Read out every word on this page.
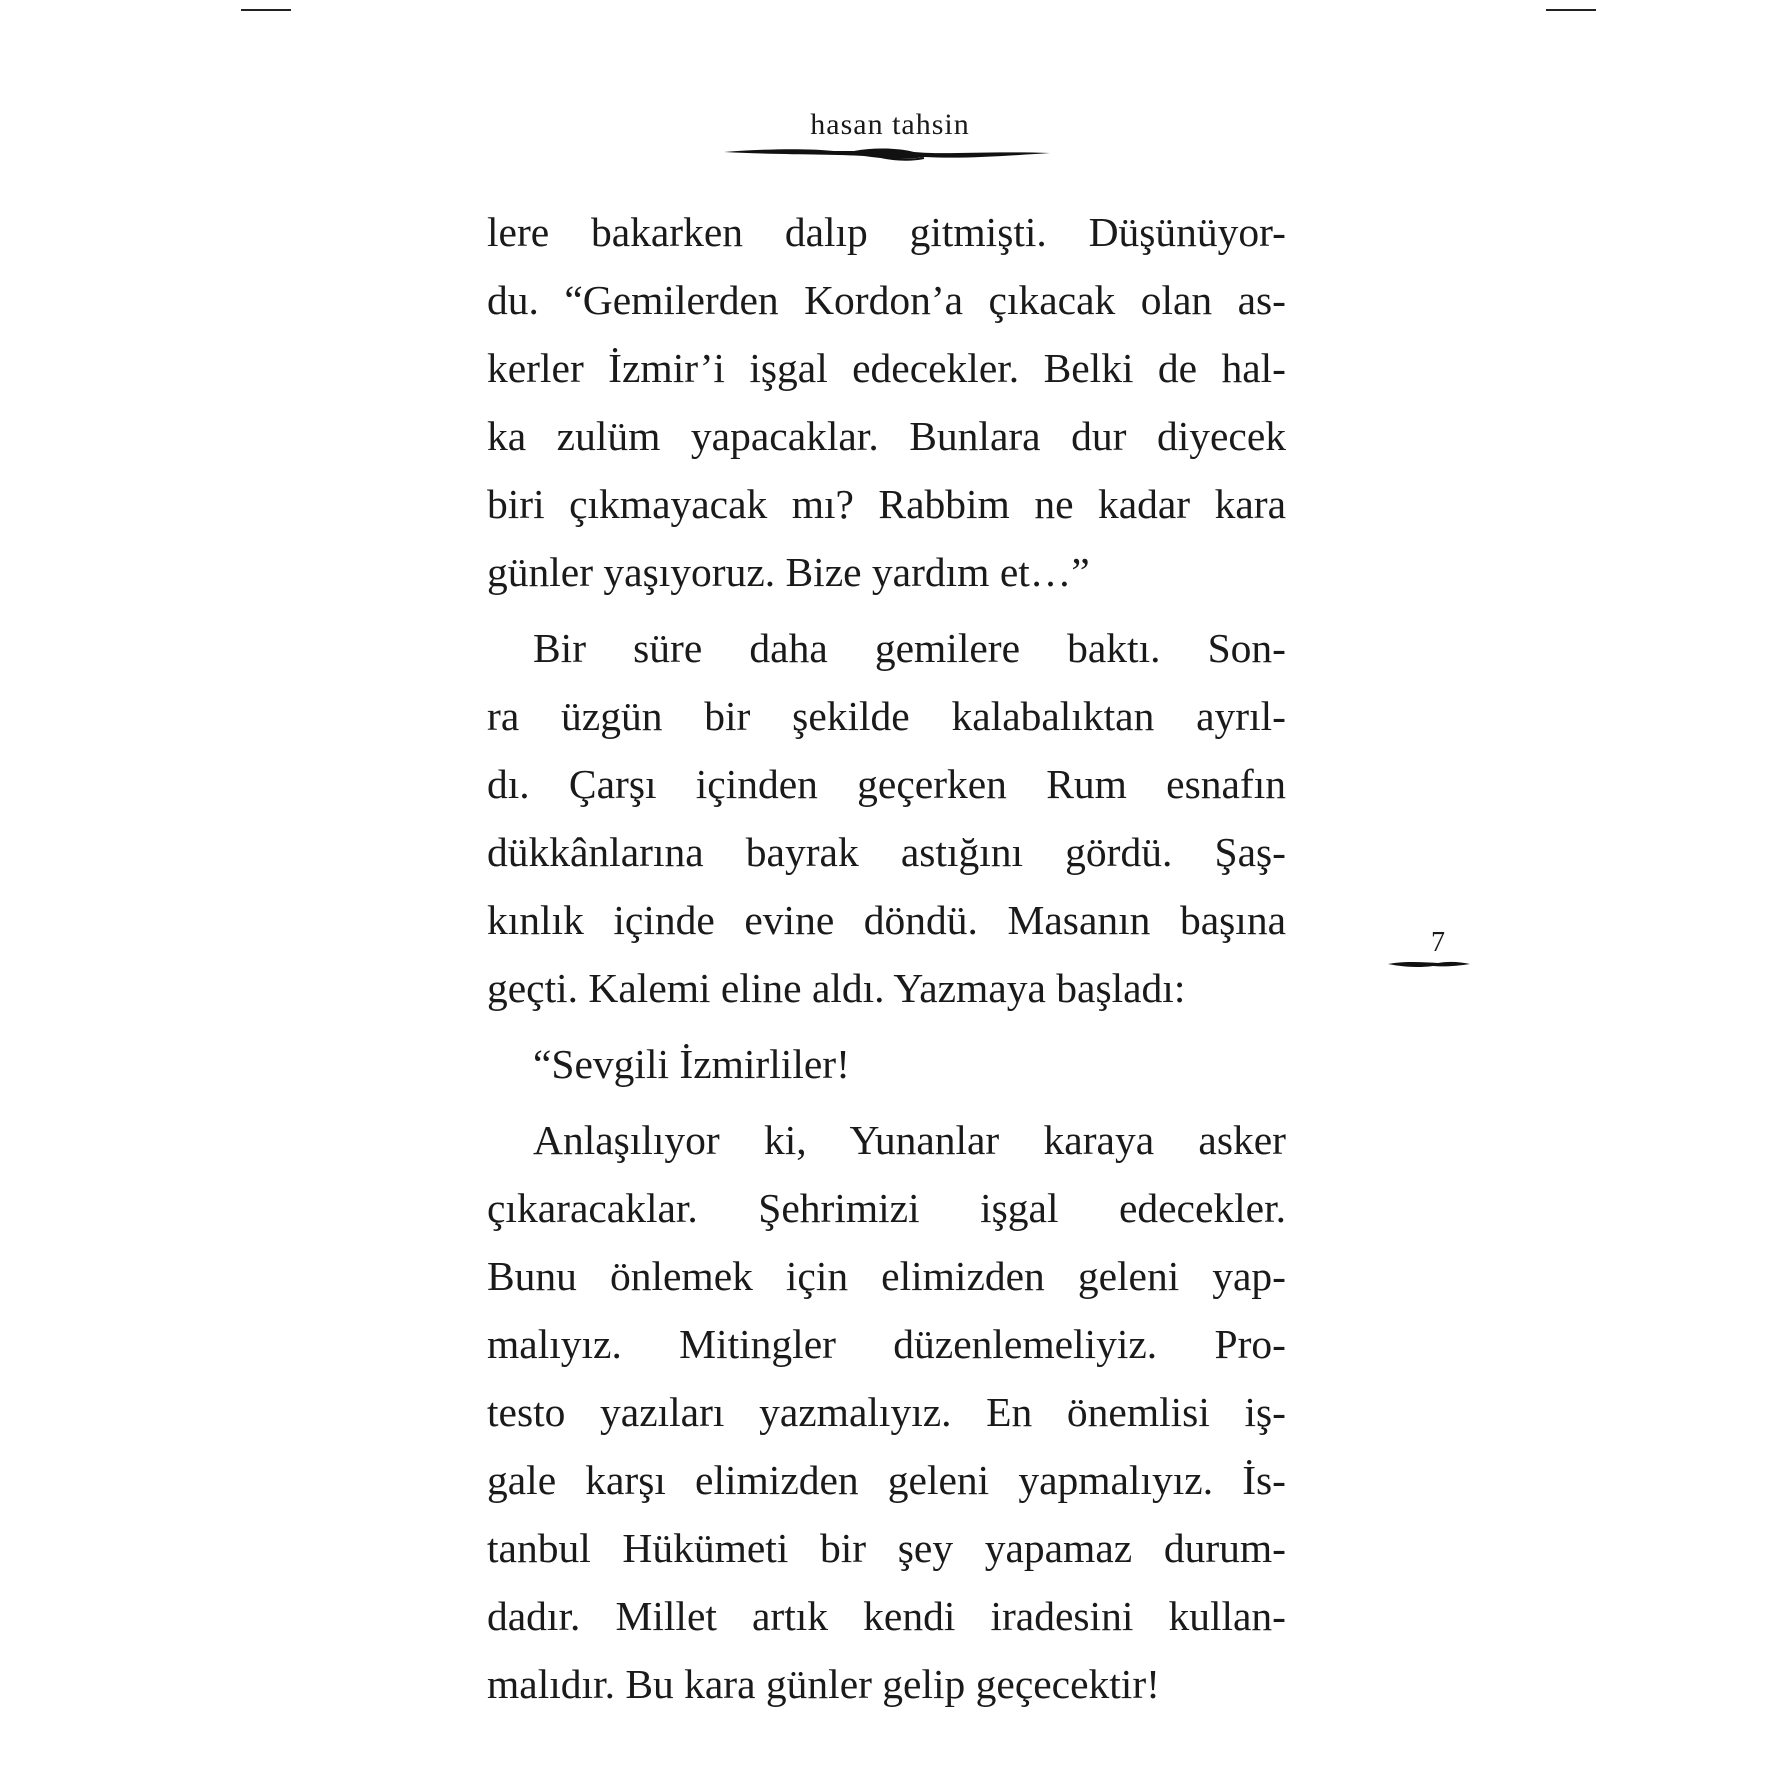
hasan tahsin
lere bakarken dalıp gitmişti. Düşünüyor-
du. “Gemilerden Kordon’a çıkacak olan as-
kerler İzmir’i işgal edecekler. Belki de hal-
ka zulüm yapacaklar. Bunlara dur diyecek
biri çıkmayacak mı? Rabbim ne kadar kara
günler yaşıyoruz. Bize yardım et…”
Bir süre daha gemilere baktı. Son-
ra üzgün bir şekilde kalabalıktan ayrıl-
dı. Çarşı içinden geçerken Rum esnafın
dükkânlarına bayrak astığını gördü. Şaş-
kınlık içinde evine döndü. Masanın başına
geçti. Kalemi eline aldı. Yazmaya başladı:
“Sevgili İzmirliler!
Anlaşılıyor ki, Yunanlar karaya asker
çıkaracaklar. Şehrimizi işgal edecekler.
Bunu önlemek için elimizden geleni yap-
malıyız. Mitingler düzenlemeliyiz. Pro-
testo yazıları yazmalıyız. En önemlisi iş-
gale karşı elimizden geleni yapmalıyız. İs-
tanbul Hükümeti bir şey yapamaz durum-
dadır. Millet artık kendi iradesini kullan-
malıdır. Bu kara günler gelip geçecektir!
7
